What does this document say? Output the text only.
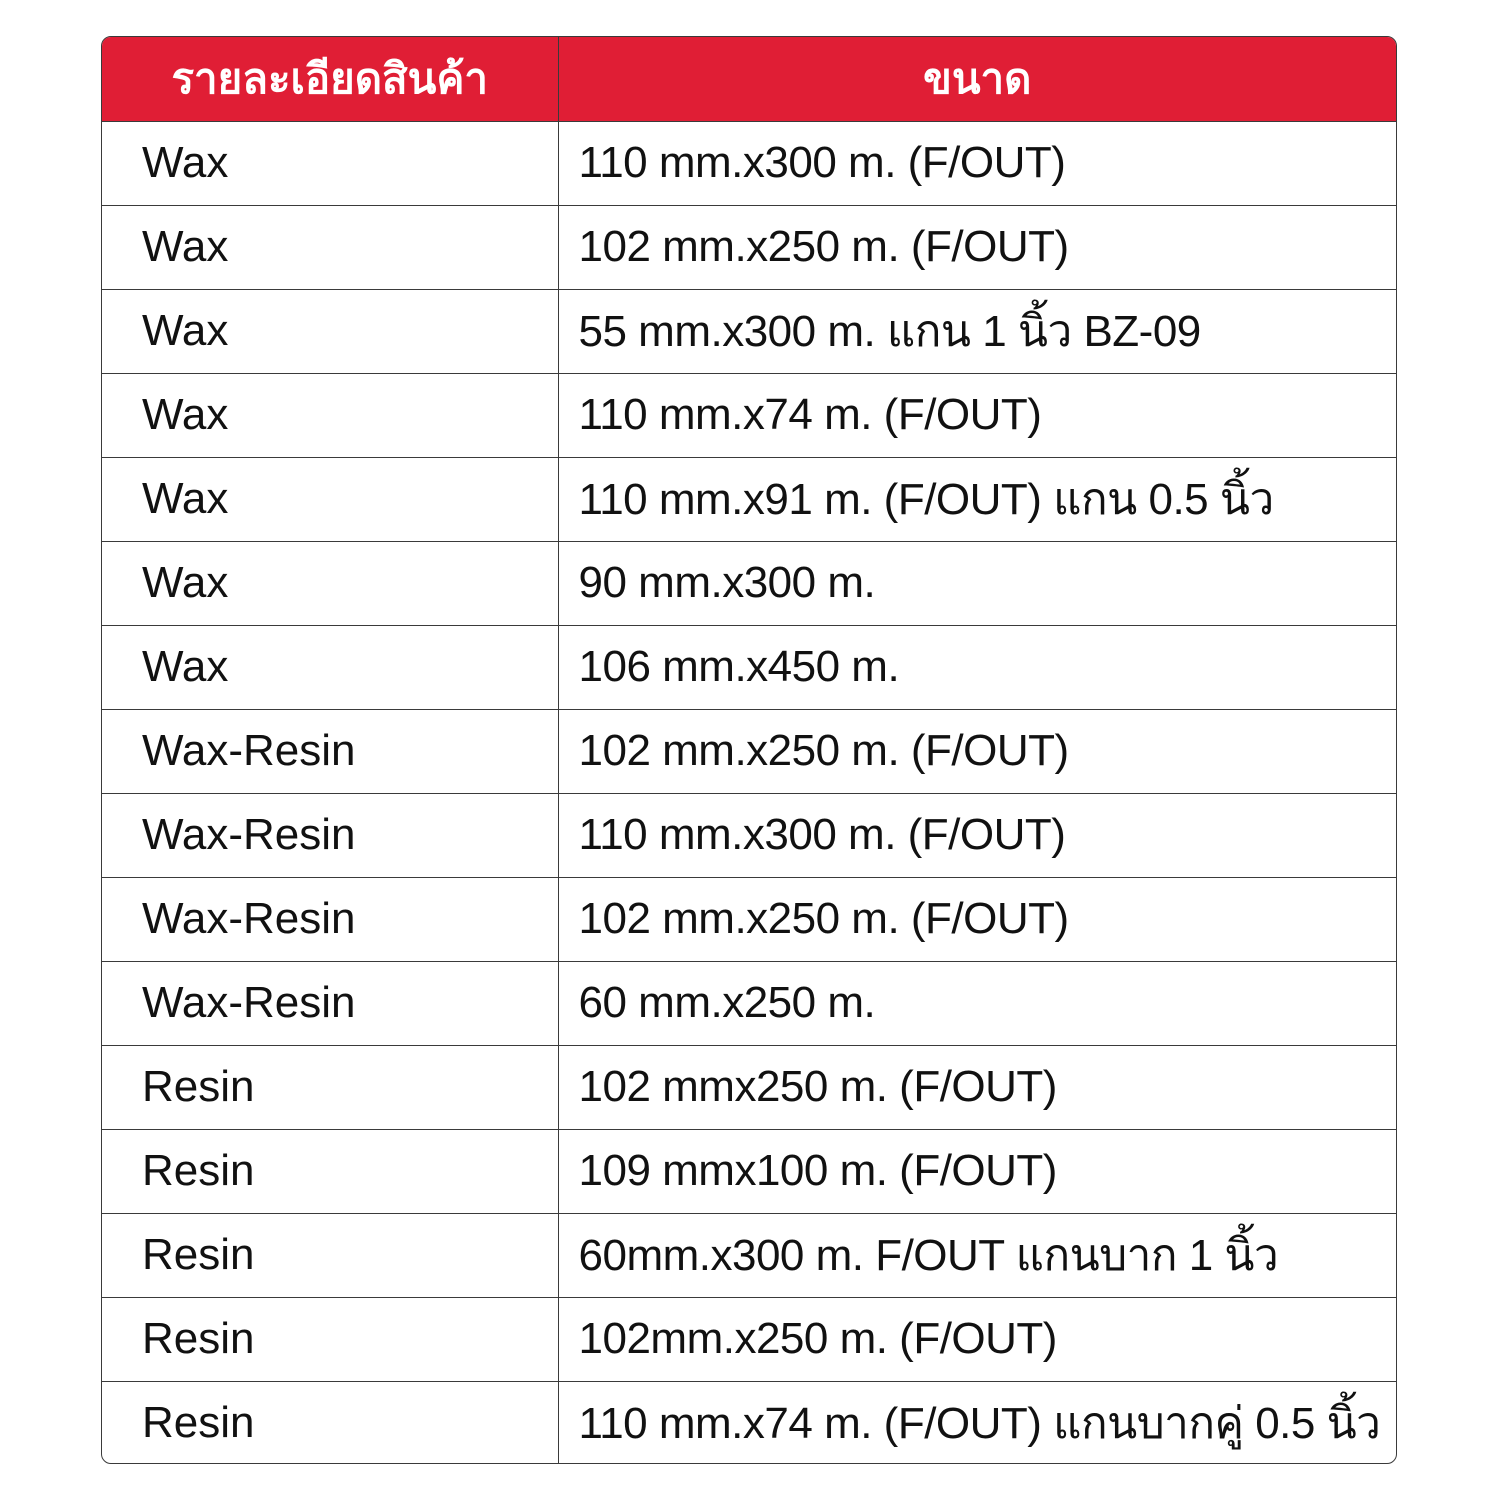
รายละเอียดสินค้า	ขนาด
Wax	110 mm.x300 m. (F/OUT)
Wax	102 mm.x250 m. (F/OUT)
Wax	55 mm.x300 m. แกน 1 นิ้ว BZ-09
Wax	110 mm.x74 m. (F/OUT)
Wax	110 mm.x91 m. (F/OUT) แกน 0.5 นิ้ว
Wax	90 mm.x300 m.
Wax	106 mm.x450 m.
Wax-Resin	102 mm.x250 m. (F/OUT)
Wax-Resin	110 mm.x300 m. (F/OUT)
Wax-Resin	102 mm.x250 m. (F/OUT)
Wax-Resin	60 mm.x250 m.
Resin	102 mmx250 m. (F/OUT)
Resin	109 mmx100 m. (F/OUT)
Resin	60mm.x300 m. F/OUT แกนบาก 1 นิ้ว
Resin	102mm.x250 m. (F/OUT)
Resin	110 mm.x74 m. (F/OUT) แกนบากคู่ 0.5 นิ้ว
